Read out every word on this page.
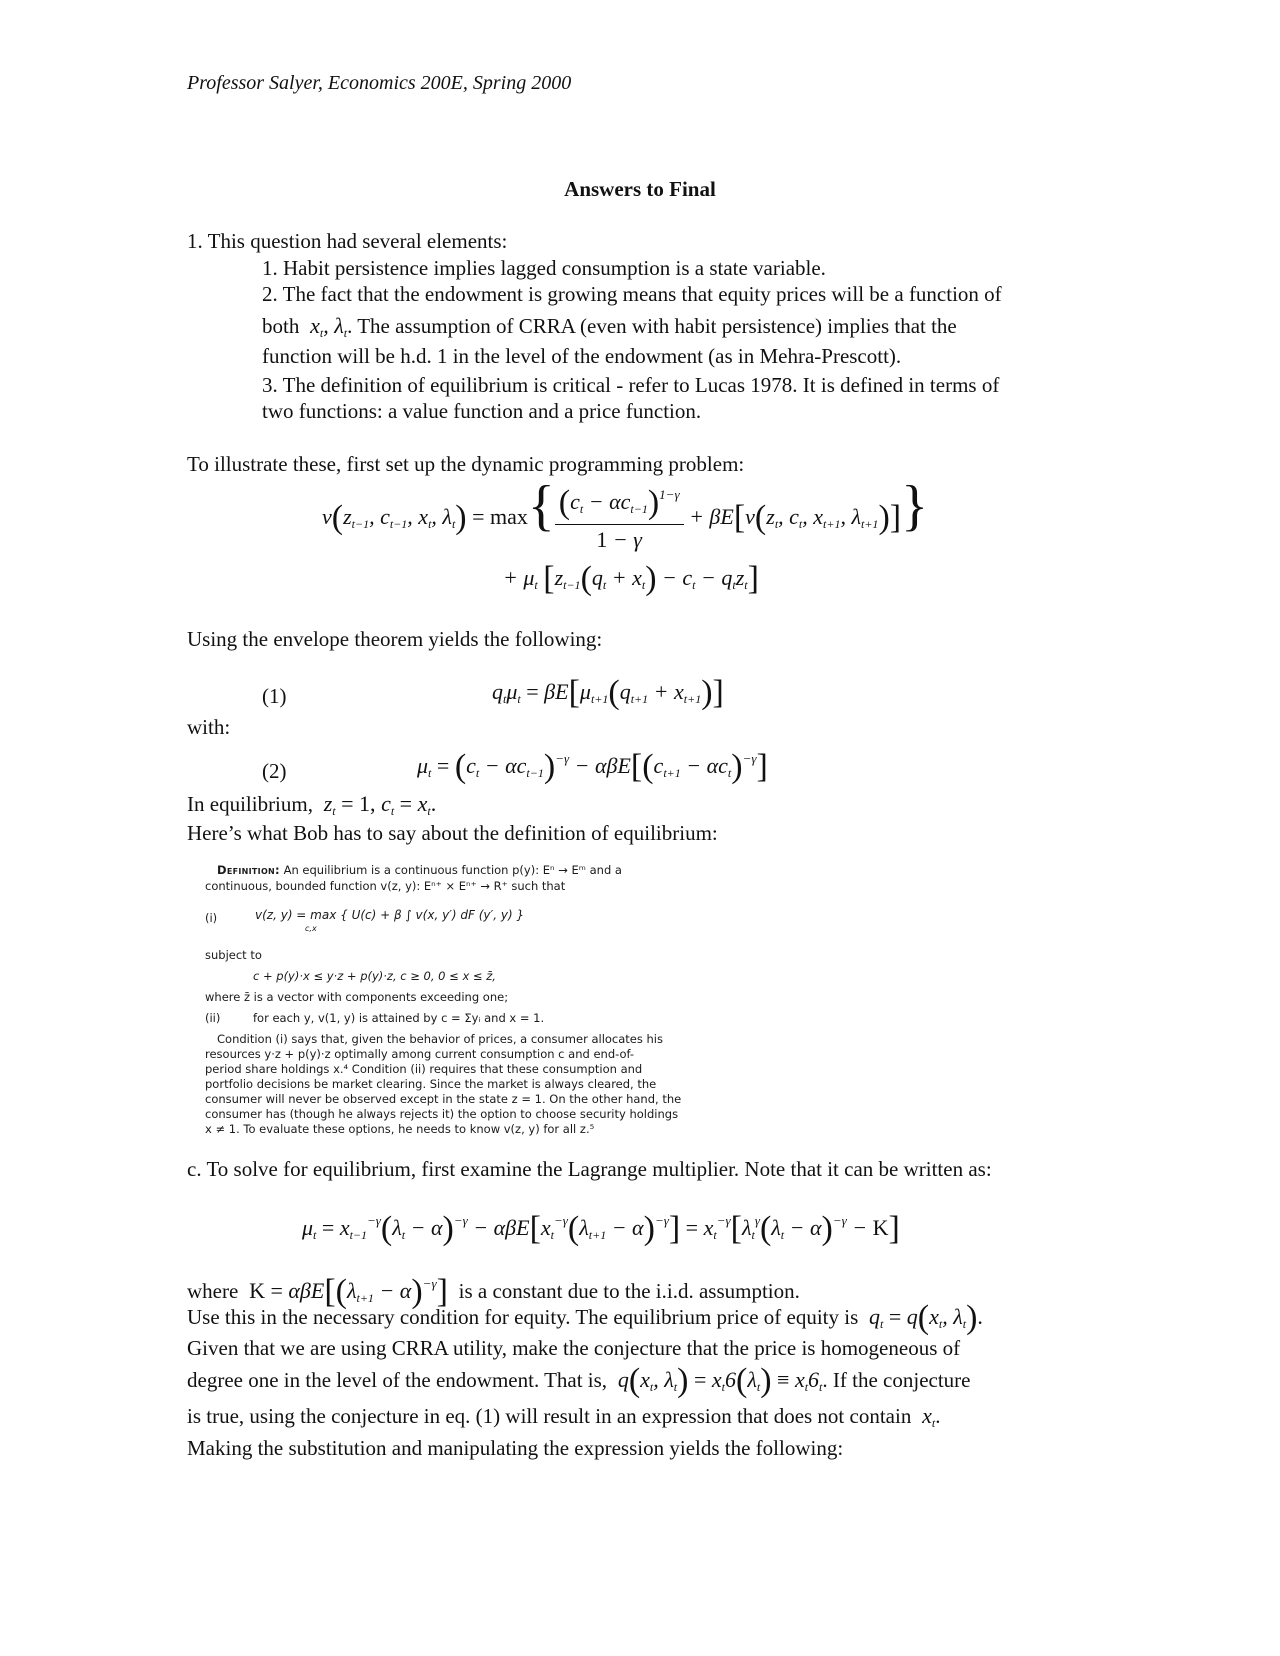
Professor Salyer, Economics 200E, Spring 2000
Answers to Final
1. This question had several elements:
1. Habit persistence implies lagged consumption is a state variable.
2. The fact that the endowment is growing means that equity prices will be a function of
both  $x_t$, $\lambda_t$. The assumption of CRRA (even with habit persistence) implies that the
function will be h.d. 1 in the level of the endowment (as in Mehra-Prescott).
3. The definition of equilibrium is critical - refer to Lucas 1978. It is defined in terms of
two functions: a value function and a price function.
To illustrate these, first set up the dynamic programming problem:
$v(z_{t-1}$, $c_{t-1}$, $x_t$, $\lambda_t) = \max\{ \frac{(c_t - \alpha c_{t-1})^{1-\gamma}}{1 - \gamma} + \beta E[v(z_t$, $c_t$, $x_{t+1}$, $\lambda_{t+1}$)]}
+ $\mu_t$ $[z_{t-1}(q_t + x_t) - c_t - q_tz_t]$
Using the envelope theorem yields the following:
(1)	$q_t\mu_t = \beta E[\mu_{t+1}(q_{t+1} + x_{t+1})]$
with:
(2)	$\mu_t = (c_t - \alpha c_{t-1})^{-\gamma} - \alpha\beta E[(c_{t+1} - \alpha c_t)^{-\gamma}]$
In equilibrium,  $z_t = 1$, $c_t = x_t$.
Here’s what Bob has to say about the definition of equilibrium:
Definition: An equilibrium is a continuous function p(y): Eⁿ → Eᵐ and a
continuous, bounded function v(z, y): Eⁿ⁺ × Eⁿ⁺ → R⁺ such that
(i)	v(z, y) = max { U(c) + β ∫ v(x, y′) dF (y′, y) }
c,x
subject to
c + p(y)·x ≤ y·z + p(y)·z, c ≥ 0, 0 ≤ x ≤ z̄,
where z̄ is a vector with components exceeding one;
(ii)	for each y, v(1, y) is attained by c = Σyᵢ and x = 1.
Condition (i) says that, given the behavior of prices, a consumer allocates his
resources y·z + p(y)·z optimally among current consumption c and end-of-
period share holdings x.⁴ Condition (ii) requires that these consumption and
portfolio decisions be market clearing. Since the market is always cleared, the
consumer will never be observed except in the state z = 1. On the other hand, the
consumer has (though he always rejects it) the option to choose security holdings
x ≠ 1. To evaluate these options, he needs to know v(z, y) for all z.⁵
c. To solve for equilibrium, first examine the Lagrange multiplier. Note that it can be written as:
$\mu_t = x_{t-1}^{-\gamma}(\lambda_t - \alpha)^{-\gamma} - \alpha\beta E[x_t^{-\gamma}(\lambda_{t+1} - \alpha)^{-\gamma}] = x_t^{-\gamma}[\lambda_t^\gamma(\lambda_t - \alpha)^{-\gamma} - K]$
where $K = \alpha\beta E[(\lambda_{t+1} - \alpha)^{-\gamma}]$ is a constant due to the i.i.d. assumption.
Use this in the necessary condition for equity. The equilibrium price of equity is  $q_t = q(x_t$, $\lambda_t$).
Given that we are using CRRA utility, make the conjecture that the price is homogeneous of
degree one in the level of the endowment. That is,  $q(x_t$, $\lambda_t) = x_t6(\lambda_t) \equiv x_t6_t$. If the conjecture
is true, using the conjecture in eq. (1) will result in an expression that does not contain  $x_t$.
Making the substitution and manipulating the expression yields the following:
